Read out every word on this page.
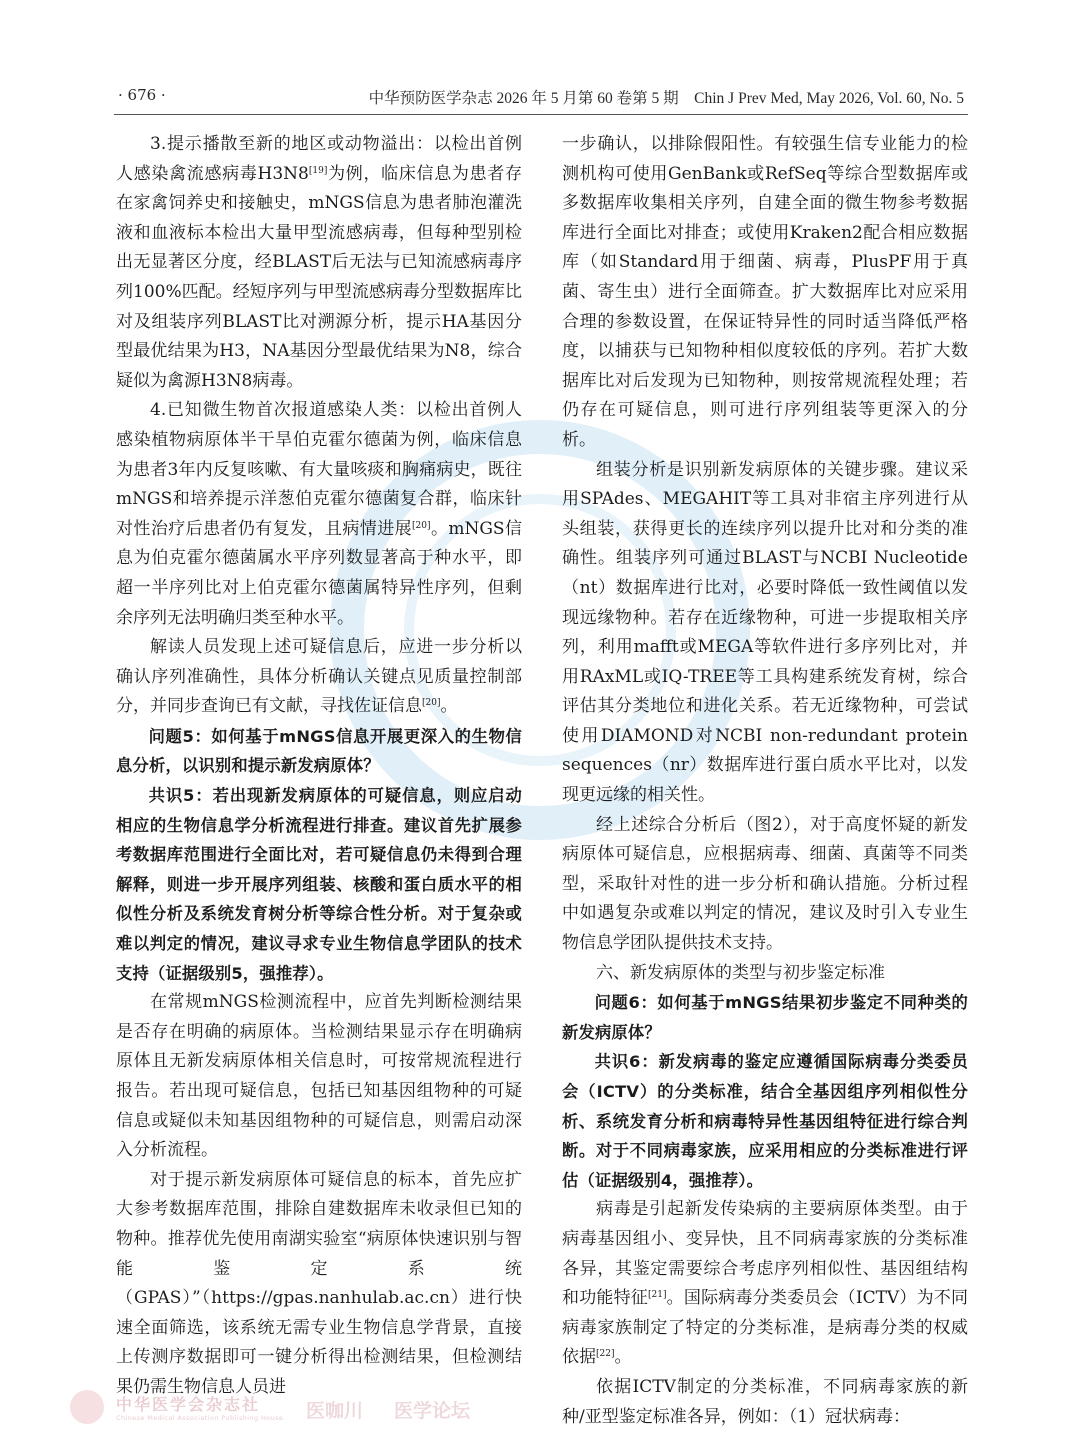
· 676 ·	中华预防医学杂志 2026 年 5 月第 60 卷第 5 期　Chin J Prev Med, May 2026, Vol. 60, No. 5

3.提示播散至新的地区或动物溢出：以检出首例人感染禽流感病毒H3N8[19]为例，临床信息为患者存在家禽饲养史和接触史，mNGS信息为患者肺泡灌洗液和血液标本检出大量甲型流感病毒，但每种型别检出无显著区分度，经BLAST后无法与已知流感病毒序列100%匹配。经短序列与甲型流感病毒分型数据库比对及组装序列BLAST比对溯源分析，提示HA基因分型最优结果为H3，NA基因分型最优结果为N8，综合疑似为禽源H3N8病毒。

4.已知微生物首次报道感染人类：以检出首例人感染植物病原体半干旱伯克霍尔德菌为例，临床信息为患者3年内反复咳嗽、有大量咳痰和胸痛病史，既往mNGS和培养提示洋葱伯克霍尔德菌复合群，临床针对性治疗后患者仍有复发，且病情进展[20]。mNGS信息为伯克霍尔德菌属水平序列数显著高于种水平，即超一半序列比对上伯克霍尔德菌属特异性序列，但剩余序列无法明确归类至种水平。

解读人员发现上述可疑信息后，应进一步分析以确认序列准确性，具体分析确认关键点见质量控制部分，并同步查询已有文献，寻找佐证信息[20]。

问题5：如何基于mNGS信息开展更深入的生物信息分析，以识别和提示新发病原体？

共识5：若出现新发病原体的可疑信息，则应启动相应的生物信息学分析流程进行排查。建议首先扩展参考数据库范围进行全面比对，若可疑信息仍未得到合理解释，则进一步开展序列组装、核酸和蛋白质水平的相似性分析及系统发育树分析等综合性分析。对于复杂或难以判定的情况，建议寻求专业生物信息学团队的技术支持（证据级别5，强推荐）。

在常规mNGS检测流程中，应首先判断检测结果是否存在明确的病原体。当检测结果显示存在明确病原体且无新发病原体相关信息时，可按常规流程进行报告。若出现可疑信息，包括已知基因组物种的可疑信息或疑似未知基因组物种的可疑信息，则需启动深入分析流程。

对于提示新发病原体可疑信息的标本，首先应扩大参考数据库范围，排除自建数据库未收录但已知的物种。推荐优先使用南湖实验室“病原体快速识别与智能鉴定系统（GPAS）”（https://gpas.nanhulab.ac.cn）进行快速全面筛选，该系统无需专业生物信息学背景，直接上传测序数据即可一键分析得出检测结果，但检测结果仍需生物信息人员进

一步确认，以排除假阳性。有较强生信专业能力的检测机构可使用GenBank或RefSeq等综合型数据库或多数据库收集相关序列，自建全面的微生物参考数据库进行全面比对排查；或使用Kraken2配合相应数据库（如Standard用于细菌、病毒，PlusPF用于真菌、寄生虫）进行全面筛查。扩大数据库比对应采用合理的参数设置，在保证特异性的同时适当降低严格度，以捕获与已知物种相似度较低的序列。若扩大数据库比对后发现为已知物种，则按常规流程处理；若仍存在可疑信息，则可进行序列组装等更深入的分析。

组装分析是识别新发病原体的关键步骤。建议采用SPAdes、MEGAHIT等工具对非宿主序列进行从头组装，获得更长的连续序列以提升比对和分类的准确性。组装序列可通过BLAST与NCBI Nucleotide（nt）数据库进行比对，必要时降低一致性阈值以发现远缘物种。若存在近缘物种，可进一步提取相关序列，利用mafft或MEGA等软件进行多序列比对，并用RAxML或IQ-TREE等工具构建系统发育树，综合评估其分类地位和进化关系。若无近缘物种，可尝试使用DIAMOND对NCBI non-redundant protein sequences（nr）数据库进行蛋白质水平比对，以发现更远缘的相关性。

经上述综合分析后（图2），对于高度怀疑的新发病原体可疑信息，应根据病毒、细菌、真菌等不同类型，采取针对性的进一步分析和确认措施。分析过程中如遇复杂或难以判定的情况，建议及时引入专业生物信息学团队提供技术支持。

六、新发病原体的类型与初步鉴定标准

问题6：如何基于mNGS结果初步鉴定不同种类的新发病原体？

共识6：新发病毒的鉴定应遵循国际病毒分类委员会（ICTV）的分类标准，结合全基因组序列相似性分析、系统发育分析和病毒特异性基因组特征进行综合判断。对于不同病毒家族，应采用相应的分类标准进行评估（证据级别4，强推荐）。

病毒是引起新发传染病的主要病原体类型。由于病毒基因组小、变异快，且不同病毒家族的分类标准各异，其鉴定需要综合考虑序列相似性、基因组结构和功能特征[21]。国际病毒分类委员会（ICTV）为不同病毒家族制定了特定的分类标准，是病毒分类的权威依据[22]。

依据ICTV制定的分类标准，不同病毒家族的新种/亚型鉴定标准各异，例如：（1）冠状病毒：

中华医学会杂志社
Chinese Medical Association Publishing House 医咖川 医学论坛
